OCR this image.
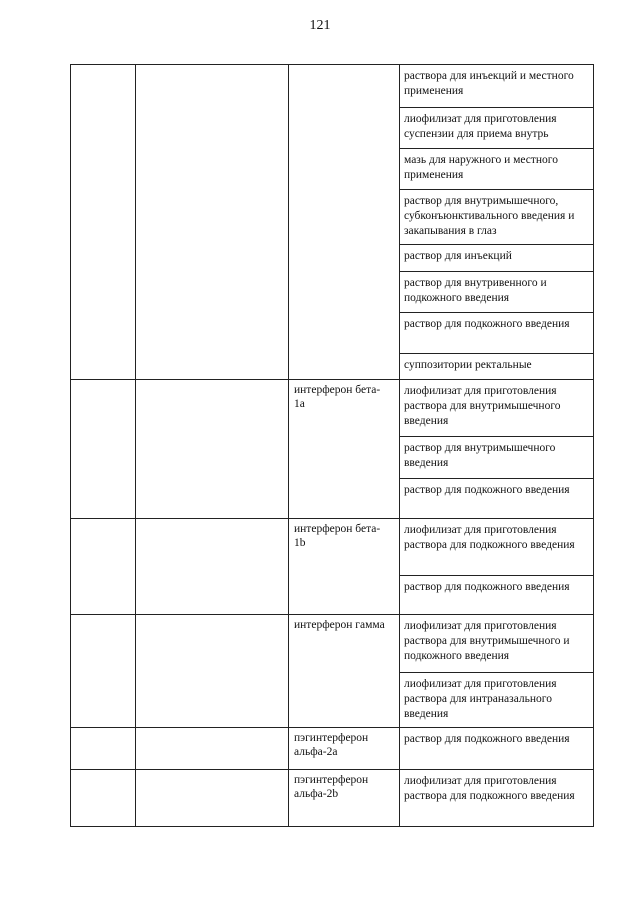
121
раствора для инъекций и местного применения
лиофилизат для приготовления суспензии для приема внутрь
мазь для наружного и местного применения
раствор для внутримышечного, субконъюнктивального введения и закапывания в глаз
раствор для инъекций
раствор для внутривенного и подкожного введения
раствор для подкожного введения
суппозитории ректальные
интерферон бета-
1a
лиофилизат для приготовления раствора для внутримышечного введения
раствор для внутримышечного введения
раствор для подкожного введения
интерферон бета-
1b
лиофилизат для приготовления раствора для подкожного введения
раствор для подкожного введения
интерферон гамма	лиофилизат для приготовления раствора для внутримышечного и подкожного введения
лиофилизат для приготовления раствора для интраназального введения
пэгинтерферон альфа-2a
раствор для подкожного введения
пэгинтерферон альфа-2b
лиофилизат для приготовления раствора для подкожного введения
